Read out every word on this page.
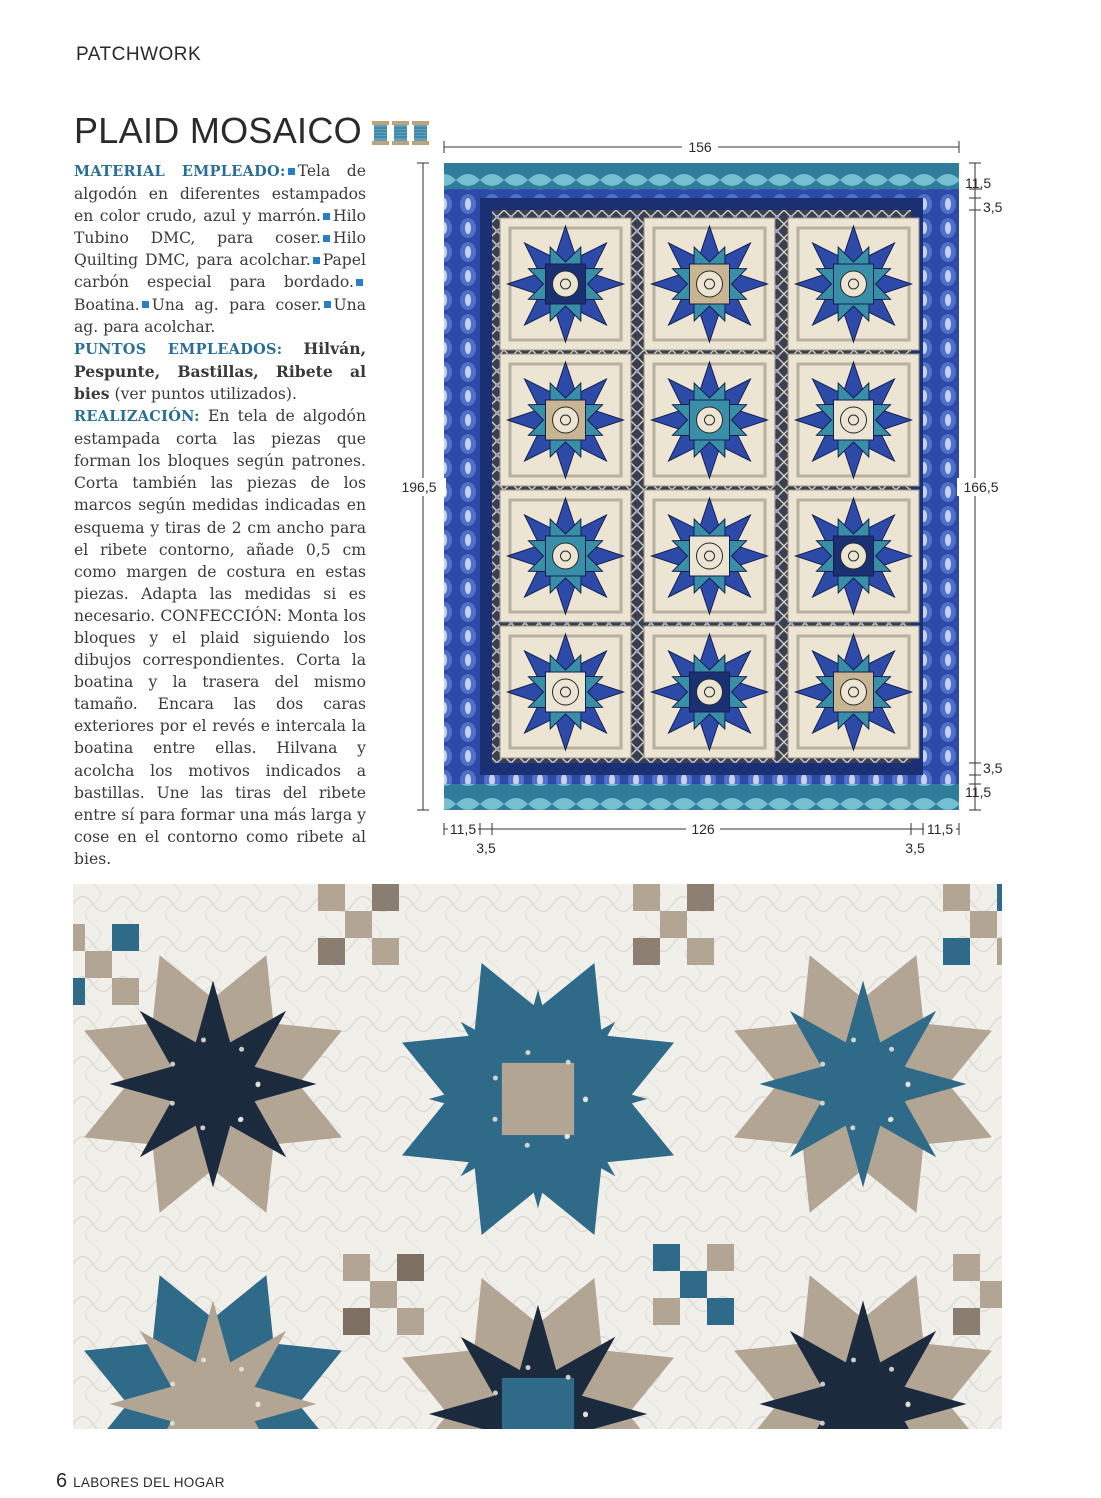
PATCHWORK
PLAID MOSAICO

MATERIAL EMPLEADO: Tela de algodón en diferentes estampados en color crudo, azul y marrón. Hilo Tubino DMC, para coser. Hilo Quilting DMC, para acolchar. Papel carbón especial para bordado.Boatina. Una ag. para coser. Una ag. para acolchar.

PUNTOS EMPLEADOS: Hilván, Pespunte, Bastillas, Ribete al bies (ver puntos utilizados).

REALIZACIÓN: En tela de algodón estampada corta las piezas que forman los bloques según patrones. Corta también las piezas de los marcos según medidas indicadas en esquema y tiras de 2 cm ancho para el ribete contorno, añade 0,5 cm como margen de costura en estas piezas. Adapta las medidas si es necesario. CONFECCIÓN: Monta los bloques y el plaid siguiendo los dibujos correspondientes. Corta la boatina y la trasera del mismo tamaño. Encara las dos caras exteriores por el revés e intercala la boatina entre ellas. Hilvana y acolcha los motivos indicados a bastillas. Une las tiras del ribete entre sí para formar una más larga y cose en el contorno como ribete al bies.

156
196,5	166,5
11,5
3,5
3,5
11,5
126
11,5	11,5
3,5	3,5
6 LABORES DEL HOGAR
